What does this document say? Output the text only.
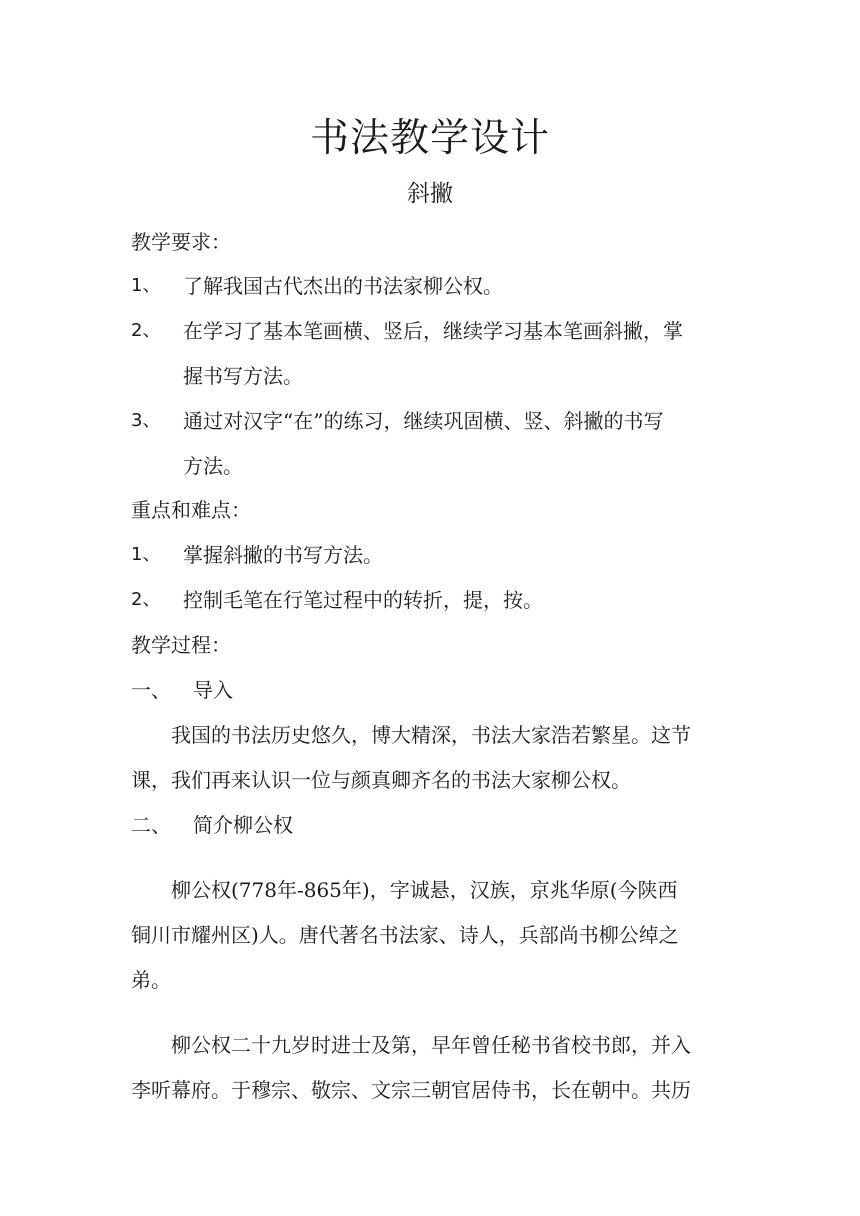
书法教学设计
斜撇
教学要求：
1、 了解我国古代杰出的书法家柳公权。
2、 在学习了基本笔画横、竖后，继续学习基本笔画斜撇，掌
握书写方法。
3、 通过对汉字“在”的练习，继续巩固横、竖、斜撇的书写
方法。
重点和难点：
1、 掌握斜撇的书写方法。
2、 控制毛笔在行笔过程中的转折，提，按。
教学过程：
一、 导入
　　我国的书法历史悠久，博大精深，书法大家浩若繁星。这节
课，我们再来认识一位与颜真卿齐名的书法大家柳公权。
二、 简介柳公权
　　柳公权(778年-865年)，字诚悬，汉族，京兆华原(今陕西
铜川市耀州区)人。唐代著名书法家、诗人，兵部尚书柳公绰之
弟。
　　柳公权二十九岁时进士及第，早年曾任秘书省校书郎，并入
李听幕府。于穆宗、敬宗、文宗三朝官居侍书，长在朝中。共历
